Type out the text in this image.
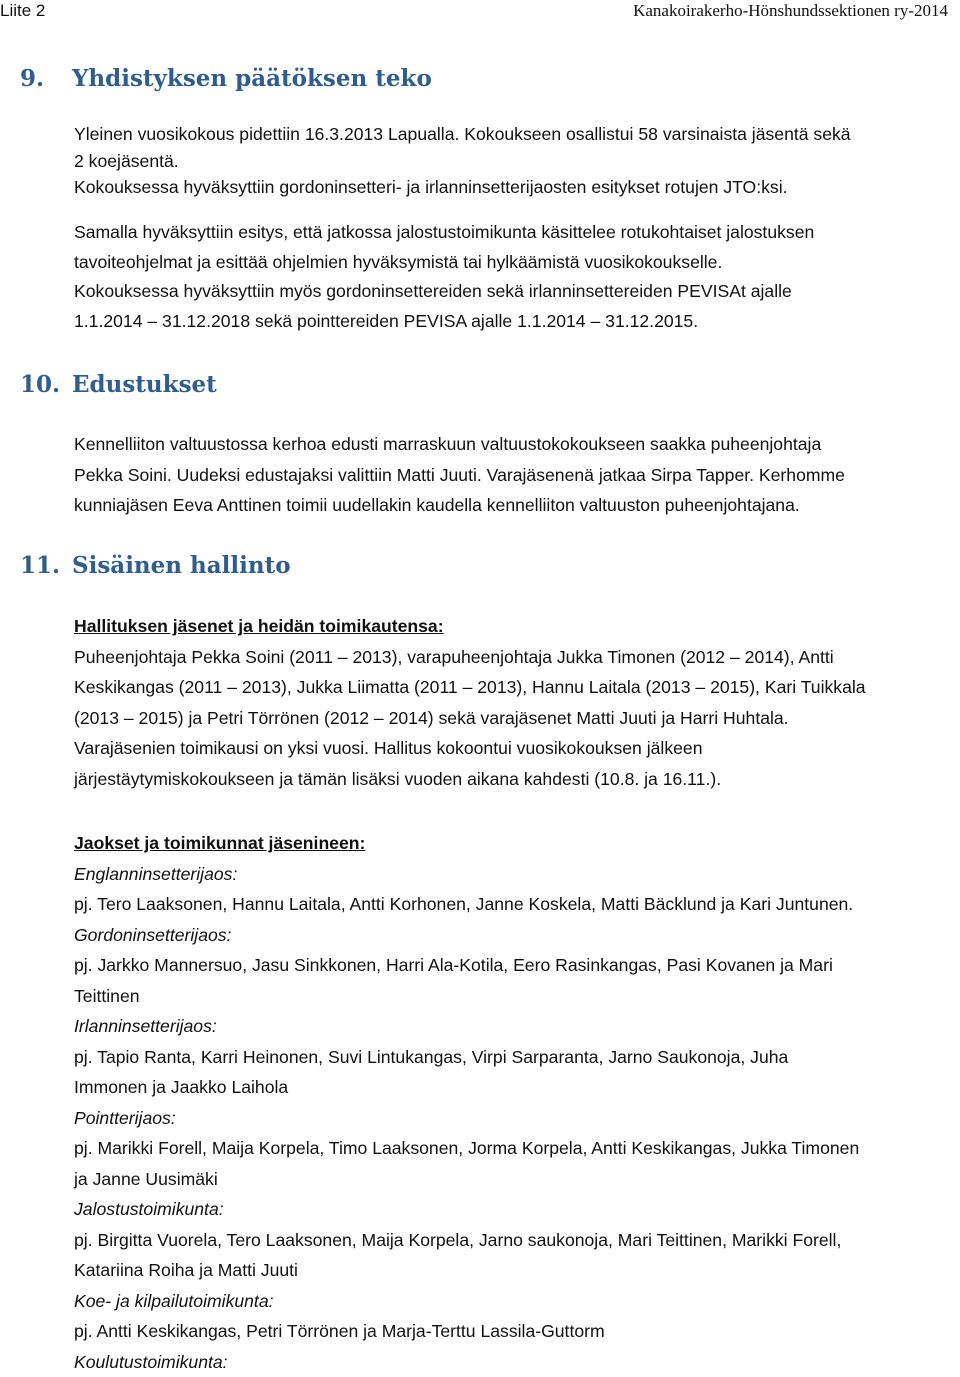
Liite 2	Kanakoirakerho-Hönshundssektionen ry-2014
9. Yhdistyksen päätöksen teko
Yleinen vuosikokous pidettiin 16.3.2013 Lapualla. Kokoukseen osallistui 58 varsinaista jäsentä sekä
2 koejäsentä.
Kokouksessa hyväksyttiin gordoninsetteri- ja irlanninsetterijaosten esitykset rotujen JTO:ksi.
Samalla hyväksyttiin esitys, että jatkossa jalostustoimikunta käsittelee rotukohtaiset jalostuksen
tavoiteohjelmat ja esittää ohjelmien hyväksymistä tai hylkäämistä vuosikokoukselle.
Kokouksessa hyväksyttiin myös gordoninsettereiden sekä irlanninsettereiden PEVISAt ajalle
1.1.2014 – 31.12.2018 sekä pointtereiden PEVISA ajalle 1.1.2014 – 31.12.2015.
10. Edustukset
Kennelliiton valtuustossa kerhoa edusti marraskuun valtuustokokoukseen saakka puheenjohtaja
Pekka Soini. Uudeksi edustajaksi valittiin Matti Juuti. Varajäsenenä jatkaa Sirpa Tapper. Kerhomme
kunniajäsen Eeva Anttinen toimii uudellakin kaudella kennelliiton valtuuston puheenjohtajana.
11. Sisäinen hallinto
Hallituksen jäsenet ja heidän toimikautensa:
Puheenjohtaja Pekka Soini (2011 – 2013), varapuheenjohtaja Jukka Timonen (2012 – 2014), Antti
Keskikangas (2011 – 2013), Jukka Liimatta (2011 – 2013), Hannu Laitala (2013 – 2015), Kari Tuikkala
(2013 – 2015) ja Petri Törrönen (2012 – 2014) sekä varajäsenet Matti Juuti ja Harri Huhtala.
Varajäsenien toimikausi on yksi vuosi. Hallitus kokoontui vuosikokouksen jälkeen
järjestäytymiskokoukseen ja tämän lisäksi vuoden aikana kahdesti (10.8. ja 16.11.).
Jaokset ja toimikunnat jäsenineen:
Englanninsetterijaos:
pj. Tero Laaksonen, Hannu Laitala, Antti Korhonen, Janne Koskela, Matti Bäcklund ja Kari Juntunen.
Gordoninsetterijaos:
pj. Jarkko Mannersuo, Jasu Sinkkonen, Harri Ala-Kotila, Eero Rasinkangas, Pasi Kovanen ja Mari
Teittinen
Irlanninsetterijaos:
pj. Tapio Ranta, Karri Heinonen, Suvi Lintukangas, Virpi Sarparanta, Jarno Saukonoja, Juha
Immonen ja Jaakko Laihola
Pointterijaos:
pj. Marikki Forell, Maija Korpela, Timo Laaksonen, Jorma Korpela, Antti Keskikangas, Jukka Timonen
ja Janne Uusimäki
Jalostustoimikunta:
pj. Birgitta Vuorela, Tero Laaksonen, Maija Korpela, Jarno saukonoja, Mari Teittinen, Marikki Forell,
Katariina Roiha ja Matti Juuti
Koe- ja kilpailutoimikunta:
pj. Antti Keskikangas, Petri Törrönen ja Marja-Terttu Lassila-Guttorm
Koulutustoimikunta:
